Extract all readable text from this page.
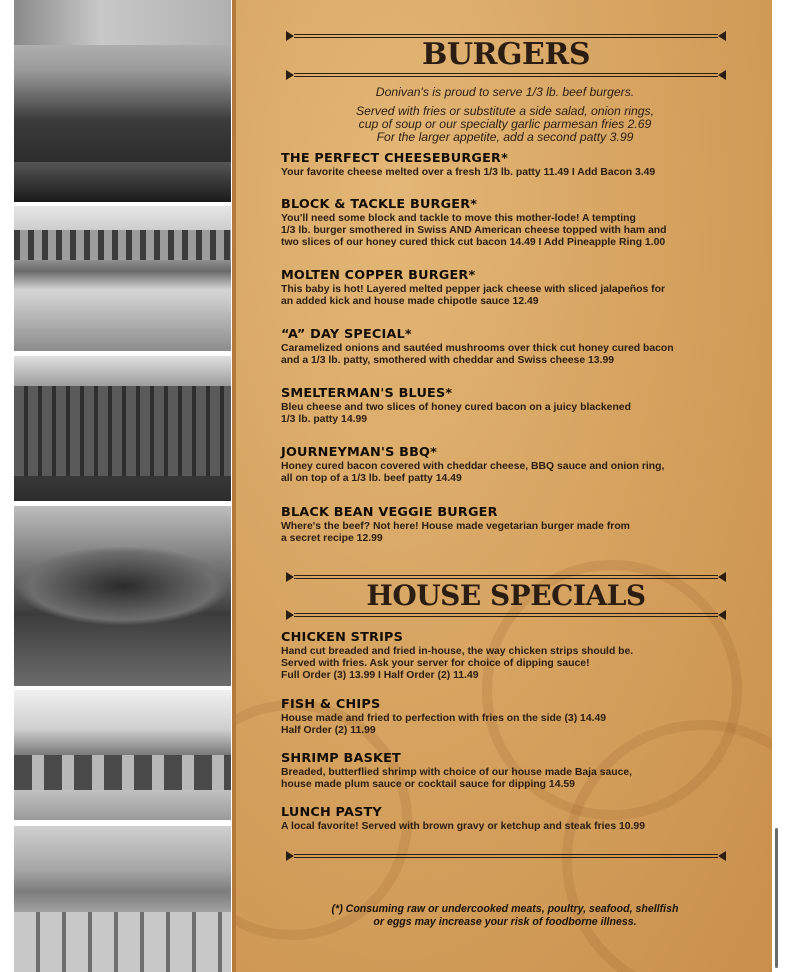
BURGERS
Donivan's is proud to serve 1/3 lb. beef burgers.
Served with fries or substitute a side salad, onion rings,
cup of soup or our specialty garlic parmesan fries 2.69
For the larger appetite, add a second patty 3.99
THE PERFECT CHEESEBURGER*
Your favorite cheese melted over a fresh 1/3 lb. patty 11.49 I Add Bacon 3.49
BLOCK & TACKLE BURGER*
You'll need some block and tackle to move this mother-lode! A tempting
1/3 lb. burger smothered in Swiss AND American cheese topped with ham and
two slices of our honey cured thick cut bacon 14.49 I Add Pineapple Ring 1.00
MOLTEN COPPER BURGER*
This baby is hot! Layered melted pepper jack cheese with sliced jalapeños for
an added kick and house made chipotle sauce 12.49
“A” DAY SPECIAL*
Caramelized onions and sautéed mushrooms over thick cut honey cured bacon
and a 1/3 lb. patty, smothered with cheddar and Swiss cheese 13.99
SMELTERMAN'S BLUES*
Bleu cheese and two slices of honey cured bacon on a juicy blackened
1/3 lb. patty 14.99
JOURNEYMAN'S BBQ*
Honey cured bacon covered with cheddar cheese, BBQ sauce and onion ring,
all on top of a 1/3 lb. beef patty 14.49
BLACK BEAN VEGGIE BURGER
Where's the beef? Not here! House made vegetarian burger made from
a secret recipe 12.99
HOUSE SPECIALS
CHICKEN STRIPS
Hand cut breaded and fried in-house, the way chicken strips should be.
Served with fries. Ask your server for choice of dipping sauce!
Full Order (3) 13.99 I Half Order (2) 11.49
FISH & CHIPS
House made and fried to perfection with fries on the side (3) 14.49
Half Order (2) 11.99
SHRIMP BASKET
Breaded, butterflied shrimp with choice of our house made Baja sauce,
house made plum sauce or cocktail sauce for dipping 14.59
LUNCH PASTY
A local favorite! Served with brown gravy or ketchup and steak fries 10.99
(*) Consuming raw or undercooked meats, poultry, seafood, shellfish
or eggs may increase your risk of foodborne illness.
